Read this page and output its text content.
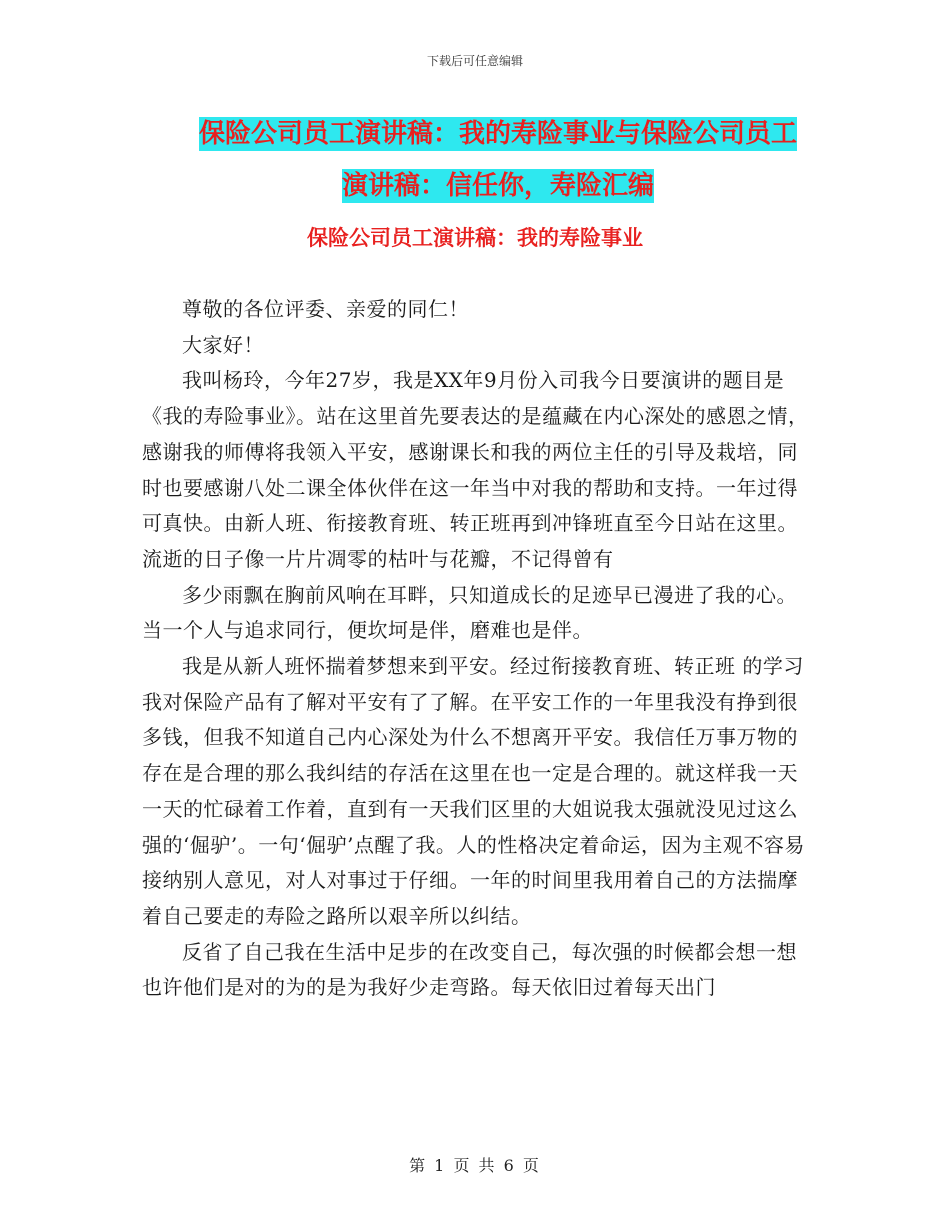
下载后可任意编辑
保险公司员工演讲稿：我的寿险事业与保险公司员工
演讲稿：信任你，寿险汇编
保险公司员工演讲稿：我的寿险事业

尊敬的各位评委、亲爱的同仁！

大家好！

我叫杨玲，今年27岁，我是XX年9月份入司我今日要演讲的题目是《我的寿险事业》。站在这里首先要表达的是蕴藏在内心深处的感恩之情，感谢我的师傅将我领入平安，感谢课长和我的两位主任的引导及栽培，同时也要感谢八处二课全体伙伴在这一年当中对我的帮助和支持。一年过得可真快。由新人班、衔接教育班、转正班再到冲锋班直至今日站在这里。流逝的日子像一片片凋零的枯叶与花瓣，不记得曾有

多少雨飘在胸前风响在耳畔，只知道成长的足迹早已漫进了我的心。当一个人与追求同行，便坎坷是伴，磨难也是伴。

我是从新人班怀揣着梦想来到平安。经过衔接教育班、转正班 的学习我对保险产品有了解对平安有了了解。在平安工作的一年里我没有挣到很多钱，但我不知道自己内心深处为什么不想离开平安。我信任万事万物的存在是合理的那么我纠结的存活在这里在也一定是合理的。就这样我一天一天的忙碌着工作着，直到有一天我们区里的大姐说我太强就没见过这么强的‘倔驴’。一句‘倔驴’点醒了我。人的性格决定着命运，因为主观不容易接纳别人意见，对人对事过于仔细。一年的时间里我用着自己的方法揣摩着自己要走的寿险之路所以艰辛所以纠结。

反省了自己我在生活中足步的在改变自己，每次强的时候都会想一想也许他们是对的为的是为我好少走弯路。每天依旧过着每天出门

第 1 页 共 6 页
